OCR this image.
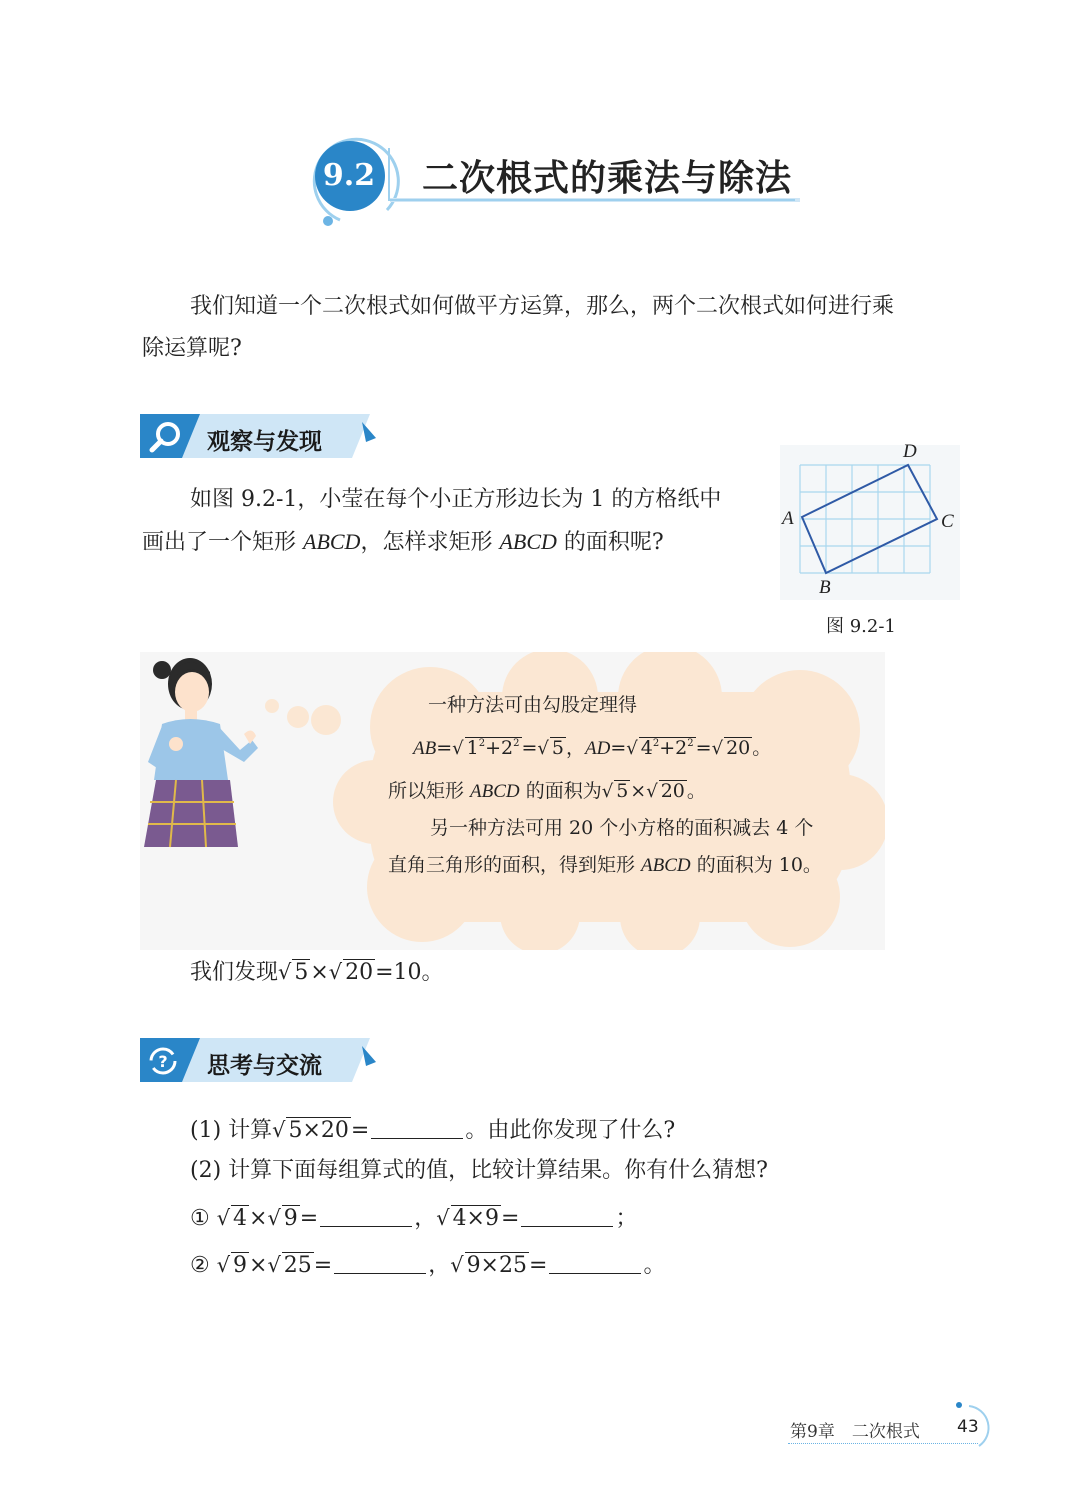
9.2 二次根式的乘法与除法
我们知道一个二次根式如何做平方运算，那么，两个二次根式如何进行乘
除运算呢?
观察与发现
如图 9.2-1，小莹在每个小正方形边长为 1 的方格纸中
画出了一个矩形 ABCD，怎样求矩形 ABCD 的面积呢?
D
A	C
B
图 9.2-1
一种方法可由勾股定理得
AB=√ $1^2+2^2$ =√ 5 ，AD=√ $4^2+2^2$ =√ 20 。
所以矩形 ABCD 的面积为√ 5 ×√ 20 。
另一种方法可用 20 个小方格的面积减去 4 个
直角三角形的面积，得到矩形 ABCD 的面积为 10。
我们发现√ 5×√ 20=10。
? 思考与交流
(1) 计算√ 5×20=	。由此你发现了什么?
(2) 计算下面每组算式的值，比较计算结果。你有什么猜想?
① √ 4×√ 9=	，√ 4×9=	；
② √ 9×√ 25=	，√ 9×25=	。
第9章　二次根式 43
